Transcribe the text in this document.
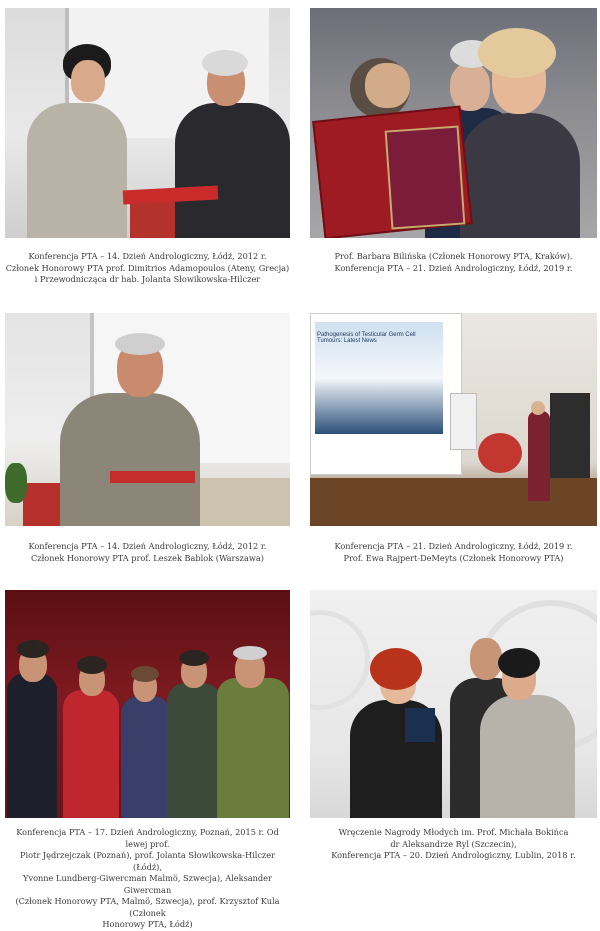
Konferencja PTA – 14. Dzień Andrologiczny, Łódź, 2012 r.
Członek Honorowy PTA prof. Dimitrios Adamopoulos (Ateny, Grecja)
i Przewodnicząca dr hab. Jolanta Słowikowska-Hilczer
Prof. Barbara Bilińska (Członek Honorowy PTA, Kraków).
Konferencja PTA – 21. Dzień Andrologiczny, Łódź, 2019 r.
Konferencja PTA – 14. Dzień Andrologiczny, Łódź, 2012 r.
Członek Honorowy PTA prof. Leszek Bablok (Warszawa)
Pathogenesis of Testicular Germ Cell Tumours: Latest News
Konferencja PTA – 21. Dzień Andrologiczny, Łódź, 2019 r.
Prof. Ewa Rajpert-DeMeyts (Członek Honorowy PTA)
Konferencja PTA – 17. Dzień Andrologiczny, Poznań, 2015 r. Od lewej prof.
Piotr Jędrzejczak (Poznań), prof. Jolanta Słowikowska-Hilczer (Łódź),
Yvonne Lundberg-Giwercman Malmö, Szwecja), Aleksander Giwercman
(Członek Honorowy PTA, Malmö, Szwecja), prof. Krzysztof Kula (Członek
Honorowy PTA, Łódź)
Wręczenie Nagrody Młodych im. Prof. Michała Bokińca
dr Aleksandrze Ryl (Szczecin),
Konferencja PTA – 20. Dzień Andrologiczny, Lublin, 2018 r.
